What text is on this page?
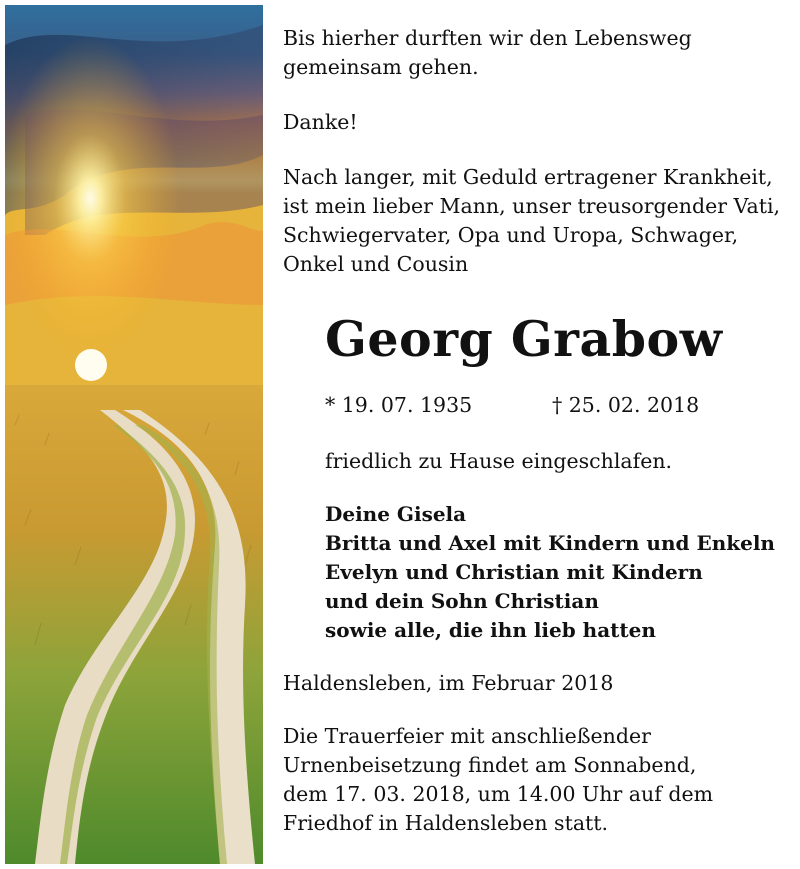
Bis hierher durften wir den Lebensweg

gemeinsam gehen.

Danke!

Nach langer, mit Geduld ertragener Krankheit,

ist mein lieber Mann, unser treusorgender Vati,

Schwiegervater, Opa und Uropa, Schwager,

Onkel und Cousin

Georg Grabow
* 19. 07. 1935	† 25. 02. 2018

friedlich zu Hause eingeschlafen.

Deine Gisela

Britta und Axel mit Kindern und Enkeln

Evelyn und Christian mit Kindern

und dein Sohn Christian

sowie alle, die ihn lieb hatten

Haldensleben, im Februar 2018

Die Trauerfeier mit anschließender

Urnenbeisetzung findet am Sonnabend,

dem 17. 03. 2018, um 14.00 Uhr auf dem

Friedhof in Haldensleben statt.
